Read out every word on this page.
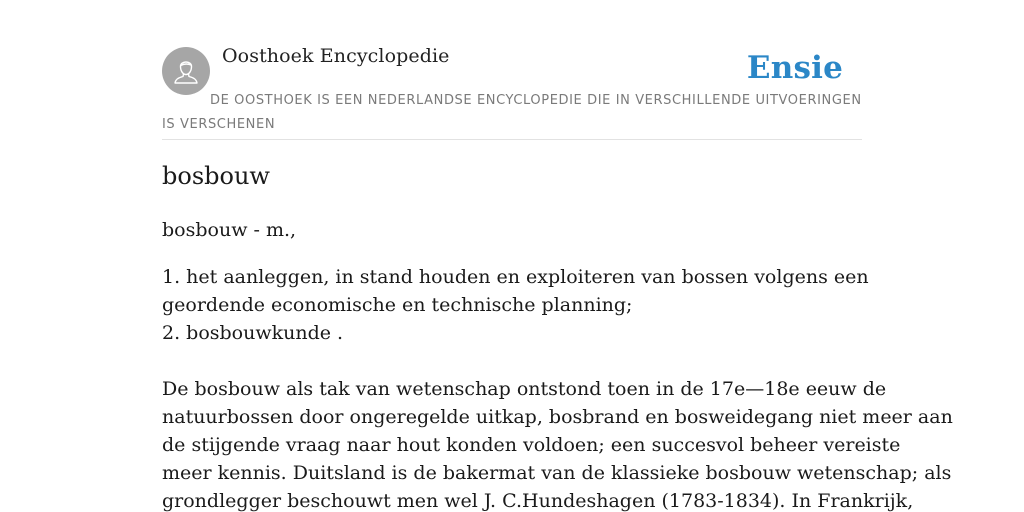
Oosthoek Encyclopedie	Ensie
DE OOSTHOEK IS EEN NEDERLANDSE ENCYCLOPEDIE DIE IN VERSCHILLENDE UITVOERINGEN IS VERSCHENEN
bosbouw
bosbouw - m.,
1. het aanleggen, in stand houden en exploiteren van bossen volgens een
geordende economische en technische planning;
2. bosbouwkunde .
De bosbouw als tak van wetenschap ontstond toen in de 17e—18e eeuw de
natuurbossen door ongeregelde uitkap, bosbrand en bosweidegang niet meer aan
de stijgende vraag naar hout konden voldoen; een succesvol beheer vereiste
meer kennis. Duitsland is de bakermat van de klassieke bosbouw wetenschap; als
grondlegger beschouwt men wel J. C.Hundeshagen (1783-1834). In Frankrijk,
